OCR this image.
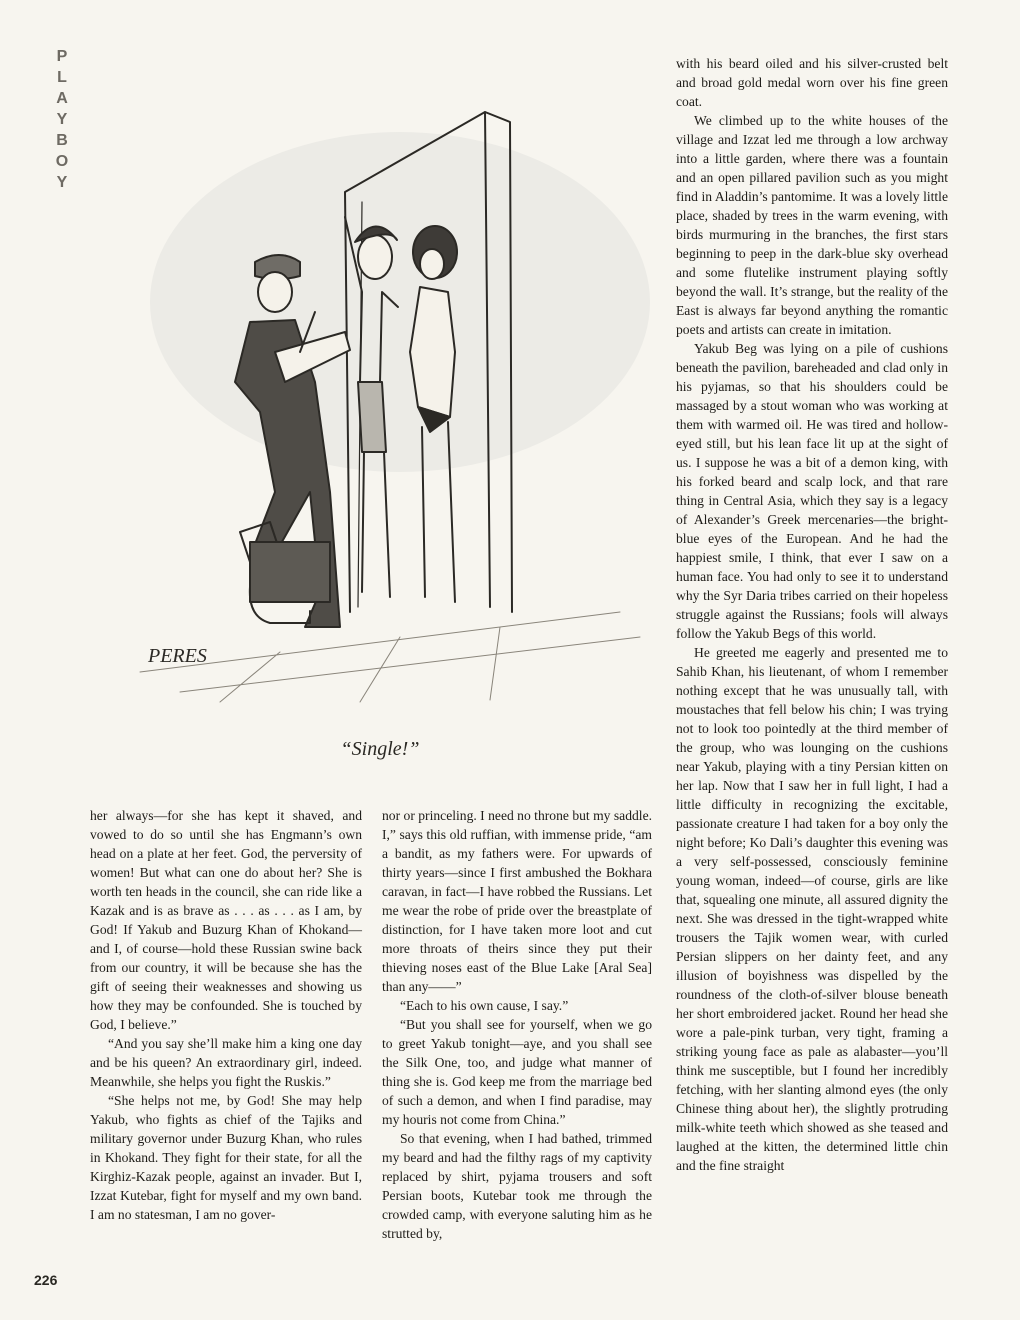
P
L
A
Y
B
O
Y
PERES
“Single!”

her always—for she has kept it shaved, and vowed to do so until she has Engmann’s own head on a plate at her feet. God, the perversity of women! But what can one do about her? She is worth ten heads in the council, she can ride like a Kazak and is as brave as . . . as . . . as I am, by God! If Yakub and Buzurg Khan of Khokand—and I, of course—hold these Russian swine back from our country, it will be because she has the gift of seeing their weaknesses and showing us how they may be confounded. She is touched by God, I believe.”

“And you say she’ll make him a king one day and be his queen? An extraordinary girl, indeed. Meanwhile, she helps you fight the Ruskis.”

“She helps not me, by God! She may help Yakub, who fights as chief of the Tajiks and military governor under Buzurg Khan, who rules in Khokand. They fight for their state, for all the Kirghiz-Kazak people, against an invader. But I, Izzat Kutebar, fight for myself and my own band. I am no statesman, I am no gover-

nor or princeling. I need no throne but my saddle. I,” says this old ruffian, with immense pride, “am a bandit, as my fathers were. For upwards of thirty years—since I first ambushed the Bokhara caravan, in fact—I have robbed the Russians. Let me wear the robe of pride over the breastplate of distinction, for I have taken more loot and cut more throats of theirs since they put their thieving noses east of the Blue Lake [Aral Sea] than any——”

“Each to his own cause, I say.”

“But you shall see for yourself, when we go to greet Yakub tonight—aye, and you shall see the Silk One, too, and judge what manner of thing she is. God keep me from the marriage bed of such a demon, and when I find paradise, may my houris not come from China.”

So that evening, when I had bathed, trimmed my beard and had the filthy rags of my captivity replaced by shirt, pyjama trousers and soft Persian boots, Kutebar took me through the crowded camp, with everyone saluting him as he strutted by,

with his beard oiled and his silver-crusted belt and broad gold medal worn over his fine green coat.

We climbed up to the white houses of the village and Izzat led me through a low archway into a little garden, where there was a fountain and an open pillared pavilion such as you might find in Aladdin’s pantomime. It was a lovely little place, shaded by trees in the warm evening, with birds murmuring in the branches, the first stars beginning to peep in the dark-blue sky overhead and some flutelike instrument playing softly beyond the wall. It’s strange, but the reality of the East is always far beyond anything the romantic poets and artists can create in imitation.

Yakub Beg was lying on a pile of cushions beneath the pavilion, bareheaded and clad only in his pyjamas, so that his shoulders could be massaged by a stout woman who was working at them with warmed oil. He was tired and hollow-eyed still, but his lean face lit up at the sight of us. I suppose he was a bit of a demon king, with his forked beard and scalp lock, and that rare thing in Central Asia, which they say is a legacy of Alexander’s Greek mercenaries—the bright-blue eyes of the European. And he had the happiest smile, I think, that ever I saw on a human face. You had only to see it to understand why the Syr Daria tribes carried on their hopeless struggle against the Russians; fools will always follow the Yakub Begs of this world.

He greeted me eagerly and presented me to Sahib Khan, his lieutenant, of whom I remember nothing except that he was unusually tall, with moustaches that fell below his chin; I was trying not to look too pointedly at the third member of the group, who was lounging on the cushions near Yakub, playing with a tiny Persian kitten on her lap. Now that I saw her in full light, I had a little difficulty in recognizing the excitable, passionate creature I had taken for a boy only the night before; Ko Dali’s daughter this evening was a very self-possessed, consciously feminine young woman, indeed—of course, girls are like that, squealing one minute, all assured dignity the next. She was dressed in the tight-wrapped white trousers the Tajik women wear, with curled Persian slippers on her dainty feet, and any illusion of boyishness was dispelled by the roundness of the cloth-of-silver blouse beneath her short embroidered jacket. Round her head she wore a pale-pink turban, very tight, framing a striking young face as pale as alabaster—you’ll think me susceptible, but I found her incredibly fetching, with her slanting almond eyes (the only Chinese thing about her), the slightly protruding milk-white teeth which showed as she teased and laughed at the kitten, the determined little chin and the fine straight

226
